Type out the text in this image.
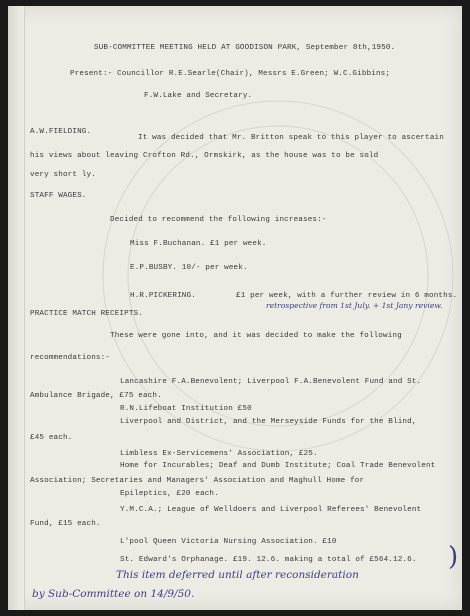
SUB-COMMITTEE MEETING HELD AT GOODISON PARK, September 8th,1950.
Present:- Councillor R.E.Searle(Chair), Messrs E.Green; W.C.Gibbins;
F.W.Lake and Secretary.
A.W.FIELDING.
It was decided that Mr. Britton speak to this player to ascertain
his views about leaving Crofton Rd., Ormskirk, as the house was to be sold
very short ly.
STAFF WAGES.
Decided to recommend the following increases:-
Miss F.Buchanan. £1 per week.
E.P.BUSBY. 10/- per week.
H.R.PICKERING.	£1 per week, with a further review in 6 months.
retrospective from 1st July. + 1st Jany review.
PRACTICE MATCH RECEIPTS.
These were gone into, and it was decided to make the following
recommendations:-
Lancashire F.A.Benevolent; Liverpool F.A.Benevolent Fund and St.
Ambulance Brigade, £75 each.
R.N.Lifeboat Institution £50
Liverpool and District, and the Merseyside Funds for the Blind,
£45 each.
Limbless Ex-Servicemens' Association, £25.
Home for Incurables; Deaf and Dumb Institute; Coal Trade Benevolent
Association; Secretaries and Managers' Association and Maghull Home for
Epileptics, £20 each.
Y.M.C.A.; League of Welldoers and Liverpool Referees' Benevolent
Fund, £15 each.
L'pool Queen Victoria Nursing Association. £10
St. Edward's Orphanage. £19. 12.6. making a total of £564.12.6. )
This item deferred until after reconsideration
by Sub-Committee on 14/9/50.
